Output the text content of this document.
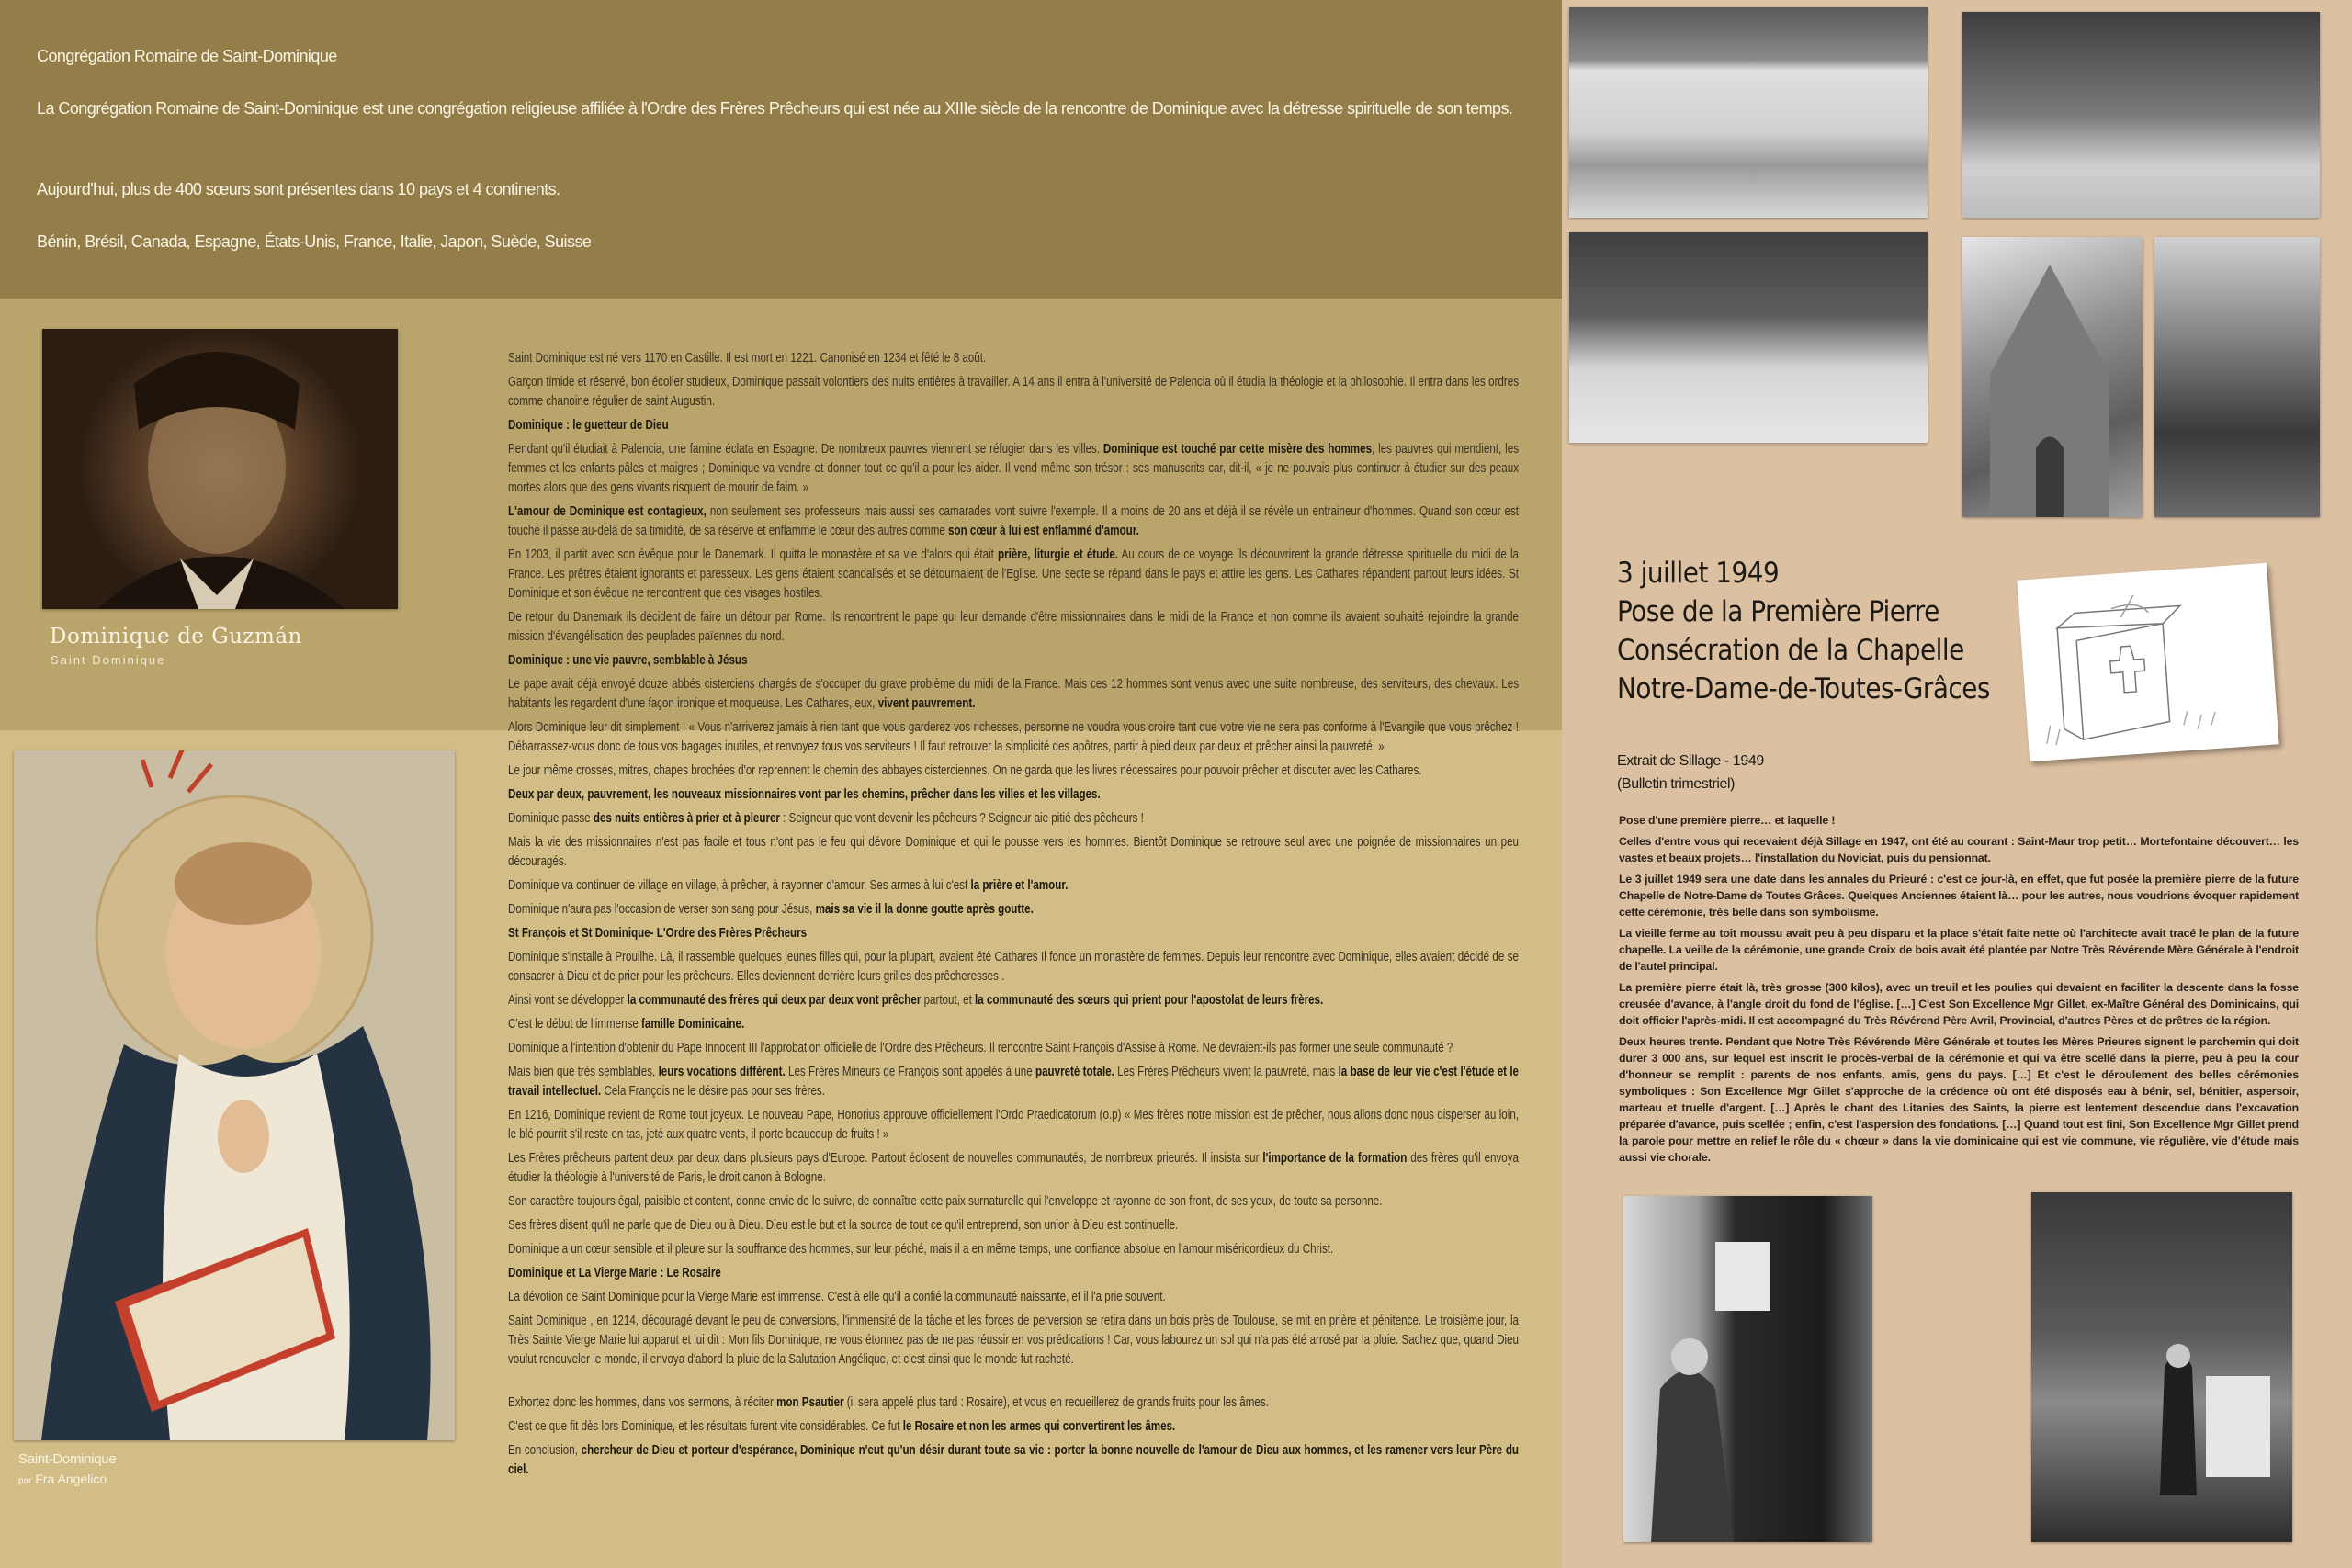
Congrégation Romaine de Saint-Dominique

La Congrégation Romaine de Saint-Dominique est une congrégation religieuse affiliée à l'Ordre des Frères Prêcheurs qui est née au XIIIe siècle de la rencontre de Dominique avec la détresse spirituelle de son temps.

Aujourd'hui, plus de 400 sœurs sont présentes dans 10 pays et 4 continents.

Bénin, Brésil, Canada, Espagne, États-Unis, France, Italie, Japon, Suède, Suisse

Dominique de Guzmán
Saint Dominique
Saint-Dominique
par Fra Angelico

Saint Dominique est né vers 1170 en Castille. Il est mort en 1221. Canonisé en 1234 et fêté le 8 août.

Garçon timide et réservé, bon écolier studieux, Dominique passait volontiers des nuits entières à travailler. A 14 ans il entra à l'université de Palencia où il étudia la théologie et la philosophie. Il entra dans les ordres comme chanoine régulier de saint Augustin.

Dominique : le guetteur de Dieu

Pendant qu'il étudiait à Palencia, une famine éclata en Espagne. De nombreux pauvres viennent se réfugier dans les villes. Dominique est touché par cette misère des hommes, les pauvres qui mendient, les femmes et les enfants pâles et maigres ; Dominique va vendre et donner tout ce qu'il a pour les aider. Il vend même son trésor : ses manuscrits car, dit-il, « je ne pouvais plus continuer à étudier sur des peaux mortes alors que des gens vivants risquent de mourir de faim. »

L'amour de Dominique est contagieux, non seulement ses professeurs mais aussi ses camarades vont suivre l'exemple. Il a moins de 20 ans et déjà il se révèle un entraineur d'hommes. Quand son cœur est touché il passe au-delà de sa timidité, de sa réserve et enflamme le cœur des autres comme son cœur à lui est enflammé d'amour.

En 1203, il partit avec son évêque pour le Danemark. Il quitta le monastère et sa vie d'alors qui était prière, liturgie et étude. Au cours de ce voyage ils découvrirent la grande détresse spirituelle du midi de la France. Les prêtres étaient ignorants et paresseux. Les gens étaient scandalisés et se détournaient de l'Eglise. Une secte se répand dans le pays et attire les gens. Les Cathares répandent partout leurs idées. St Dominique et son évêque ne rencontrent que des visages hostiles.

De retour du Danemark ils décident de faire un détour par Rome. Ils rencontrent le pape qui leur demande d'être missionnaires dans le midi de la France et non comme ils avaient souhaité rejoindre la grande mission d'évangélisation des peuplades païennes du nord.

Dominique : une vie pauvre, semblable à Jésus

Le pape avait déjà envoyé douze abbés cisterciens chargés de s'occuper du grave problème du midi de la France. Mais ces 12 hommes sont venus avec une suite nombreuse, des serviteurs, des chevaux. Les habitants les regardent d'une façon ironique et moqueuse. Les Cathares, eux, vivent pauvrement.

Alors Dominique leur dit simplement : « Vous n'arriverez jamais à rien tant que vous garderez vos richesses, personne ne voudra vous croire tant que votre vie ne sera pas conforme à l'Evangile que vous prêchez ! Débarrassez-vous donc de tous vos bagages inutiles, et renvoyez tous vos serviteurs ! Il faut retrouver la simplicité des apôtres, partir à pied deux par deux et prêcher ainsi la pauvreté. »

Le jour même crosses, mitres, chapes brochées d'or reprennent le chemin des abbayes cisterciennes. On ne garda que les livres nécessaires pour pouvoir prêcher et discuter avec les Cathares.

Deux par deux, pauvrement, les nouveaux missionnaires vont par les chemins, prêcher dans les villes et les villages.

Dominique passe des nuits entières à prier et à pleurer : Seigneur que vont devenir les pêcheurs ? Seigneur aie pitié des pêcheurs !

Mais la vie des missionnaires n'est pas facile et tous n'ont pas le feu qui dévore Dominique et qui le pousse vers les hommes. Bientôt Dominique se retrouve seul avec une poignée de missionnaires un peu découragés.

Dominique va continuer de village en village, à prêcher, à rayonner d'amour. Ses armes à lui c'est la prière et l'amour.

Dominique n'aura pas l'occasion de verser son sang pour Jésus, mais sa vie il la donne goutte après goutte.

St François et St Dominique- L'Ordre des Frères Prêcheurs

Dominique s'installe à Prouilhe. Là, il rassemble quelques jeunes filles qui, pour la plupart, avaient été Cathares Il fonde un monastère de femmes. Depuis leur rencontre avec Dominique, elles avaient décidé de se consacrer à Dieu et de prier pour les prêcheurs. Elles deviennent derrière leurs grilles des prêcheresses .

Ainsi vont se développer la communauté des frères qui deux par deux vont prêcher partout, et la communauté des sœurs qui prient pour l'apostolat de leurs frères.

C'est le début de l'immense famille Dominicaine.

Dominique a l'intention d'obtenir du Pape Innocent III l'approbation officielle de l'Ordre des Prêcheurs. Il rencontre Saint François d'Assise à Rome. Ne devraient-ils pas former une seule communauté ?

Mais bien que très semblables, leurs vocations diffèrent. Les Frères Mineurs de François sont appelés à une pauvreté totale. Les Frères Prêcheurs vivent la pauvreté, mais la base de leur vie c'est l'étude et le travail intellectuel. Cela François ne le désire pas pour ses frères.

En 1216, Dominique revient de Rome tout joyeux. Le nouveau Pape, Honorius approuve officiellement l'Ordo Praedicatorum (o.p) « Mes frères notre mission est de prêcher, nous allons donc nous disperser au loin, le blé pourrit s'il reste en tas, jeté aux quatre vents, il porte beaucoup de fruits ! »

Les Frères prêcheurs partent deux par deux dans plusieurs pays d'Europe. Partout éclosent de nouvelles communautés, de nombreux prieurés. Il insista sur l'importance de la formation des frères qu'il envoya étudier la théologie à l'université de Paris, le droit canon à Bologne.

Son caractère toujours égal, paisible et content, donne envie de le suivre, de connaître cette paix surnaturelle qui l'enveloppe et rayonne de son front, de ses yeux, de toute sa personne.

Ses frères disent qu'il ne parle que de Dieu ou à Dieu. Dieu est le but et la source de tout ce qu'il entreprend, son union à Dieu est continuelle.

Dominique a un cœur sensible et il pleure sur la souffrance des hommes, sur leur péché, mais il a en même temps, une confiance absolue en l'amour miséricordieux du Christ.

Dominique et La Vierge Marie : Le Rosaire

La dévotion de Saint Dominique pour la Vierge Marie est immense. C'est à elle qu'il a confié la communauté naissante, et il l'a prie souvent.

Saint Dominique , en 1214, découragé devant le peu de conversions, l'immensité de la tâche et les forces de perversion se retira dans un bois près de Toulouse, se mit en prière et pénitence. Le troisième jour, la Très Sainte Vierge Marie lui apparut et lui dit : Mon fils Dominique, ne vous étonnez pas de ne pas réussir en vos prédications ! Car, vous labourez un sol qui n'a pas été arrosé par la pluie. Sachez que, quand Dieu voulut renouveler le monde, il envoya d'abord la pluie de la Salutation Angélique, et c'est ainsi que le monde fut racheté.

Exhortez donc les hommes, dans vos sermons, à réciter mon Psautier (il sera appelé plus tard : Rosaire), et vous en recueillerez de grands fruits pour les âmes.

C'est ce que fit dès lors Dominique, et les résultats furent vite considérables. Ce fut le Rosaire et non les armes qui convertirent les âmes.

En conclusion, chercheur de Dieu et porteur d'espérance, Dominique n'eut qu'un désir durant toute sa vie : porter la bonne nouvelle de l'amour de Dieu aux hommes, et les ramener vers leur Père du ciel.

3 juillet 1949
Pose de la Première Pierre
Consécration de la Chapelle
Notre-Dame-de-Toutes-Grâces
Extrait de Sillage - 1949
(Bulletin trimestriel)

Pose d'une première pierre… et laquelle !

Celles d'entre vous qui recevaient déjà Sillage en 1947, ont été au courant : Saint-Maur trop petit… Mortefontaine découvert… les vastes et beaux projets… l'installation du Noviciat, puis du pensionnat.

Le 3 juillet 1949 sera une date dans les annales du Prieuré : c'est ce jour-là, en effet, que fut posée la première pierre de la future Chapelle de Notre-Dame de Toutes Grâces. Quelques Anciennes étaient là… pour les autres, nous voudrions évoquer rapidement cette cérémonie, très belle dans son symbolisme.

La vieille ferme au toit moussu avait peu à peu disparu et la place s'était faite nette où l'architecte avait tracé le plan de la future chapelle. La veille de la cérémonie, une grande Croix de bois avait été plantée par Notre Très Révérende Mère Générale à l'endroit de l'autel principal.

La première pierre était là, très grosse (300 kilos), avec un treuil et les poulies qui devaient en faciliter la descente dans la fosse creusée d'avance, à l'angle droit du fond de l'église. […] C'est Son Excellence Mgr Gillet, ex-Maître Général des Dominicains, qui doit officier l'après-midi. Il est accompagné du Très Révérend Père Avril, Provincial, d'autres Pères et de prêtres de la région.

Deux heures trente. Pendant que Notre Très Révérende Mère Générale et toutes les Mères Prieures signent le parchemin qui doit durer 3 000 ans, sur lequel est inscrit le procès-verbal de la cérémonie et qui va être scellé dans la pierre, peu à peu la cour d'honneur se remplit : parents de nos enfants, amis, gens du pays. […] Et c'est le déroulement des belles cérémonies symboliques : Son Excellence Mgr Gillet s'approche de la crédence où ont été disposés eau à bénir, sel, bénitier, aspersoir, marteau et truelle d'argent. […] Après le chant des Litanies des Saints, la pierre est lentement descendue dans l'excavation préparée d'avance, puis scellée ; enfin, c'est l'aspersion des fondations. […] Quand tout est fini, Son Excellence Mgr Gillet prend la parole pour mettre en relief le rôle du « chœur » dans la vie dominicaine qui est vie commune, vie régulière, vie d'étude mais aussi vie chorale.
